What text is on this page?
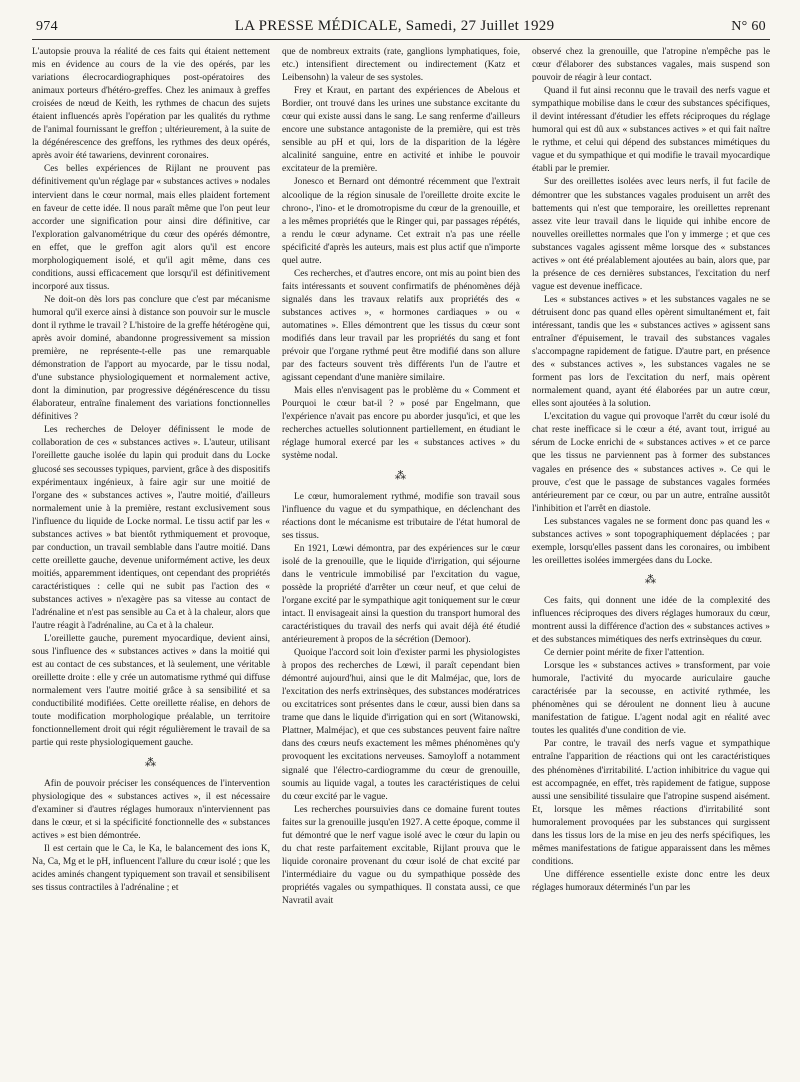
974	LA PRESSE MÉDICALE, Samedi, 27 Juillet 1929	N° 60

L'autopsie prouva la réalité de ces faits qui étaient nettement mis en évidence au cours de la vie des opérés, par les variations élecrocardiographiques post-opératoires des animaux porteurs d'hétéro-greffes. Chez les animaux à greffes croisées de nœud de Keith, les rythmes de chacun des sujets étaient influencés après l'opération par les qualités du rythme de l'animal fournissant le greffon ; ultérieurement, à la suite de la dégénérescence des greffons, les rythmes des deux opérés, après avoir été tawariens, devinrent coronaires.

Ces belles expériences de Rijlant ne prouvent pas définitivement qu'un réglage par « substances actives » nodales intervient dans le cœur normal, mais elles plaident fortement en faveur de cette idée. Il nous paraît même que l'on peut leur accorder une signification pour ainsi dire définitive, car l'exploration galvanométrique du cœur des opérés démontre, en effet, que le greffon agit alors qu'il est encore morphologiquement isolé, et qu'il agit même, dans ces conditions, aussi efficacement que lorsqu'il est définitivement incorporé aux tissus.

Ne doit-on dès lors pas conclure que c'est par mécanisme humoral qu'il exerce ainsi à distance son pouvoir sur le muscle dont il rythme le travail ? L'histoire de la greffe hétérogène qui, après avoir dominé, abandonne progressivement sa mission première, ne représente-t-elle pas une remarquable démonstration de l'apport au myocarde, par le tissu nodal, d'une substance physiologiquement et normalement active, dont la diminution, par progressive dégénérescence du tissu élaborateur, entraîne finalement des variations fonctionnelles définitives ?

Les recherches de Deloyer définissent le mode de collaboration de ces « substances actives ». L'auteur, utilisant l'oreillette gauche isolée du lapin qui produit dans du Locke glucosé ses secousses typiques, parvient, grâce à des dispositifs expérimentaux ingénieux, à faire agir sur une moitié de l'organe des « substances actives », l'autre moitié, d'ailleurs normalement unie à la première, restant exclusivement sous l'influence du liquide de Locke normal. Le tissu actif par les « substances actives » bat bientôt rythmiquement et provoque, par conduction, un travail semblable dans l'autre moitié. Dans cette oreillette gauche, devenue uniformément active, les deux moitiés, apparemment identiques, ont cependant des propriétés caractéristiques : celle qui ne subit pas l'action des « substances actives » n'exagère pas sa vitesse au contact de l'adrénaline et n'est pas sensible au Ca et à la chaleur, alors que l'autre réagit à l'adrénaline, au Ca et à la chaleur.

L'oreillette gauche, purement myocardique, devient ainsi, sous l'influence des « substances actives » dans la moitié qui est au contact de ces substances, et là seulement, une véritable oreillette droite : elle y crée un automatisme rythmé qui diffuse normalement vers l'autre moitié grâce à sa sensibilité et sa conductibilité modifiées. Cette oreillette réalise, en dehors de toute modification morphologique préalable, un territoire fonctionnellement droit qui régit régulièrement le travail de sa partie qui reste physiologiquement gauche.

⁂

Afin de pouvoir préciser les conséquences de l'intervention physiologique des « substances actives », il est nécessaire d'examiner si d'autres réglages humoraux n'interviennent pas dans le cœur, et si la spécificité fonctionnelle des « substances actives » est bien démontrée.

Il est certain que le Ca, le Ka, le balancement des ions K, Na, Ca, Mg et le pH, influencent l'allure du cœur isolé ; que les acides aminés changent typiquement son travail et sensibilisent ses tissus contractiles à l'adrénaline ; et

que de nombreux extraits (rate, ganglions lymphatiques, foie, etc.) intensifient directement ou indirectement (Katz et Leibensohn) la valeur de ses systoles.

Frey et Kraut, en partant des expériences de Abelous et Bordier, ont trouvé dans les urines une substance excitante du cœur qui existe aussi dans le sang. Le sang renferme d'ailleurs encore une substance antagoniste de la première, qui est très sensible au pH et qui, lors de la disparition de la légère alcalinité sanguine, entre en activité et inhibe le pouvoir excitateur de la première.

Jonesco et Bernard ont démontré récemment que l'extrait alcoolique de la région sinusale de l'oreillette droite excite le chrono-, l'ino- et le dromotropisme du cœur de la grenouille, et a les mêmes propriétés que le Ringer qui, par passages répétés, a rendu le cœur adyname. Cet extrait n'a pas une réelle spécificité d'après les auteurs, mais est plus actif que n'importe quel autre.

Ces recherches, et d'autres encore, ont mis au point bien des faits intéressants et souvent confirmatifs de phénomènes déjà signalés dans les travaux relatifs aux propriétés des « substances actives », « hormones cardiaques » ou « automatines ». Elles démontrent que les tissus du cœur sont modifiés dans leur travail par les propriétés du sang et font prévoir que l'organe rythmé peut être modifié dans son allure par des facteurs souvent très différents l'un de l'autre et agissant cependant d'une manière similaire.

Mais elles n'envisagent pas le problème du « Comment et Pourquoi le cœur bat-il ? » posé par Engelmann, que l'expérience n'avait pas encore pu aborder jusqu'ici, et que les recherches actuelles solutionnent partiellement, en étudiant le réglage humoral exercé par les « substances actives » du système nodal.

⁂

Le cœur, humoralement rythmé, modifie son travail sous l'influence du vague et du sympathique, en déclenchant des réactions dont le mécanisme est tributaire de l'état humoral de ses tissus.

En 1921, Lœwi démontra, par des expériences sur le cœur isolé de la grenouille, que le liquide d'irrigation, qui séjourne dans le ventricule immobilisé par l'excitation du vague, possède la propriété d'arrêter un cœur neuf, et que celui de l'organe excité par le sympathique agit toniquement sur le cœur intact. Il envisageait ainsi la question du transport humoral des caractéristiques du travail des nerfs qui avait déjà été étudié antérieurement à propos de la sécrétion (Demoor).

Quoique l'accord soit loin d'exister parmi les physiologistes à propos des recherches de Lœwi, il paraît cependant bien démontré aujourd'hui, ainsi que le dit Malméjac, que, lors de l'excitation des nerfs extrinsèques, des substances modératrices ou excitatrices sont présentes dans le cœur, aussi bien dans sa trame que dans le liquide d'irrigation qui en sort (Witanowski, Plattner, Malméjac), et que ces substances peuvent faire naître dans des cœurs neufs exactement les mêmes phénomènes qu'y provoquent les excitations nerveuses. Samoyloff a notamment signalé que l'électro-cardiogramme du cœur de grenouille, soumis au liquide vagal, a toutes les caractéristiques de celui du cœur excité par le vague.

Les recherches poursuivies dans ce domaine furent toutes faites sur la grenouille jusqu'en 1927. A cette époque, comme il fut démontré que le nerf vague isolé avec le cœur du lapin ou du chat reste parfaitement excitable, Rijlant prouva que le liquide coronaire provenant du cœur isolé de chat excité par l'intermédiaire du vague ou du sympathique possède des propriétés vagales ou sympathiques. Il constata aussi, ce que Navratil avait

observé chez la grenouille, que l'atropine n'empêche pas le cœur d'élaborer des substances vagales, mais suspend son pouvoir de réagir à leur contact.

Quand il fut ainsi reconnu que le travail des nerfs vague et sympathique mobilise dans le cœur des substances spécifiques, il devint intéressant d'étudier les effets réciproques du réglage humoral qui est dû aux « substances actives » et qui fait naître le rythme, et celui qui dépend des substances mimétiques du vague et du sympathique et qui modifie le travail myocardique établi par le premier.

Sur des oreillettes isolées avec leurs nerfs, il fut facile de démontrer que les substances vagales produisent un arrêt des battements qui n'est que temporaire, les oreillettes reprenant assez vite leur travail dans le liquide qui inhibe encore de nouvelles oreillettes normales que l'on y immerge ; et que ces substances vagales agissent même lorsque des « substances actives » ont été préalablement ajoutées au bain, alors que, par la présence de ces dernières substances, l'excitation du nerf vague est devenue inefficace.

Les « substances actives » et les substances vagales ne se détruisent donc pas quand elles opèrent simultanément et, fait intéressant, tandis que les « substances actives » agissent sans entraîner d'épuisement, le travail des substances vagales s'accompagne rapidement de fatigue. D'autre part, en présence des « substances actives », les substances vagales ne se forment pas lors de l'excitation du nerf, mais opèrent normalement quand, ayant été élaborées par un autre cœur, elles sont ajoutées à la solution.

L'excitation du vague qui provoque l'arrêt du cœur isolé du chat reste inefficace si le cœur a été, avant tout, irrigué au sérum de Locke enrichi de « substances actives » et ce parce que les tissus ne parviennent pas à former des substances vagales en présence des « substances actives ». Ce qui le prouve, c'est que le passage de substances vagales formées antérieurement par ce cœur, ou par un autre, entraîne aussitôt l'inhibition et l'arrêt en diastole.

Les substances vagales ne se forment donc pas quand les « substances actives » sont topographiquement déplacées ; par exemple, lorsqu'elles passent dans les coronaires, ou imbibent les oreillettes isolées immergées dans du Locke.

⁂

Ces faits, qui donnent une idée de la complexité des influences réciproques des divers réglages humoraux du cœur, montrent aussi la différence d'action des « substances actives » et des substances mimétiques des nerfs extrinsèques du cœur.

Ce dernier point mérite de fixer l'attention.

Lorsque les « substances actives » transforment, par voie humorale, l'activité du myocarde auriculaire gauche caractérisée par la secousse, en activité rythmée, les phénomènes qui se déroulent ne donnent lieu à aucune manifestation de fatigue. L'agent nodal agit en réalité avec toutes les qualités d'une condition de vie.

Par contre, le travail des nerfs vague et sympathique entraîne l'apparition de réactions qui ont les caractéristiques des phénomènes d'irritabilité. L'action inhibitrice du vague qui est accompagnée, en effet, très rapidement de fatigue, suppose aussi une sensibilité tissulaire que l'atropine suspend aisément. Et, lorsque les mêmes réactions d'irritabilité sont humoralement provoquées par les substances qui surgissent dans les tissus lors de la mise en jeu des nerfs spécifiques, les mêmes manifestations de fatigue apparaissent dans les mêmes conditions.

Une différence essentielle existe donc entre les deux réglages humoraux déterminés l'un par les
